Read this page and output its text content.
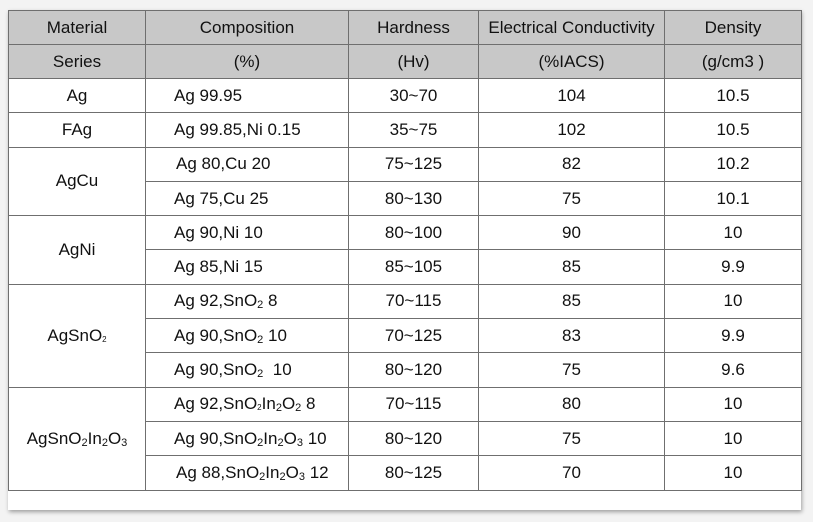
Material	Composition	Hardness	Electrical Conductivity	Density
Series	(%)	(Hv)	(%IACS)	(g/cm3 )
Ag	Ag 99.95	30~70	104	10.5
FAg	Ag 99.85,Ni 0.15	35~75	102	10.5
AgCu	Ag 80,Cu 20	75~125	82	10.2
	Ag 75,Cu 25	80~130	75	10.1
AgNi	Ag 90,Ni 10	80~100	90	10
	Ag 85,Ni 15	85~105	85	9.9
AgSnO$_2$	Ag 92,SnO$_2$ 8	70~115	85	10
	Ag 90,SnO$_2$ 10	70~125	83	9.9
	Ag 90,SnO$_2$  10	80~120	75	9.6
$AgSnO_2In_2O_3$	Ag $92,SnO_2In_2O_2$ 8	70~115	80	10
	Ag $90,SnO_2In_2O_3$ 10	80~120	75	10
	Ag $88,SnO_2In_2O_3$ 12	80~125	70	10
